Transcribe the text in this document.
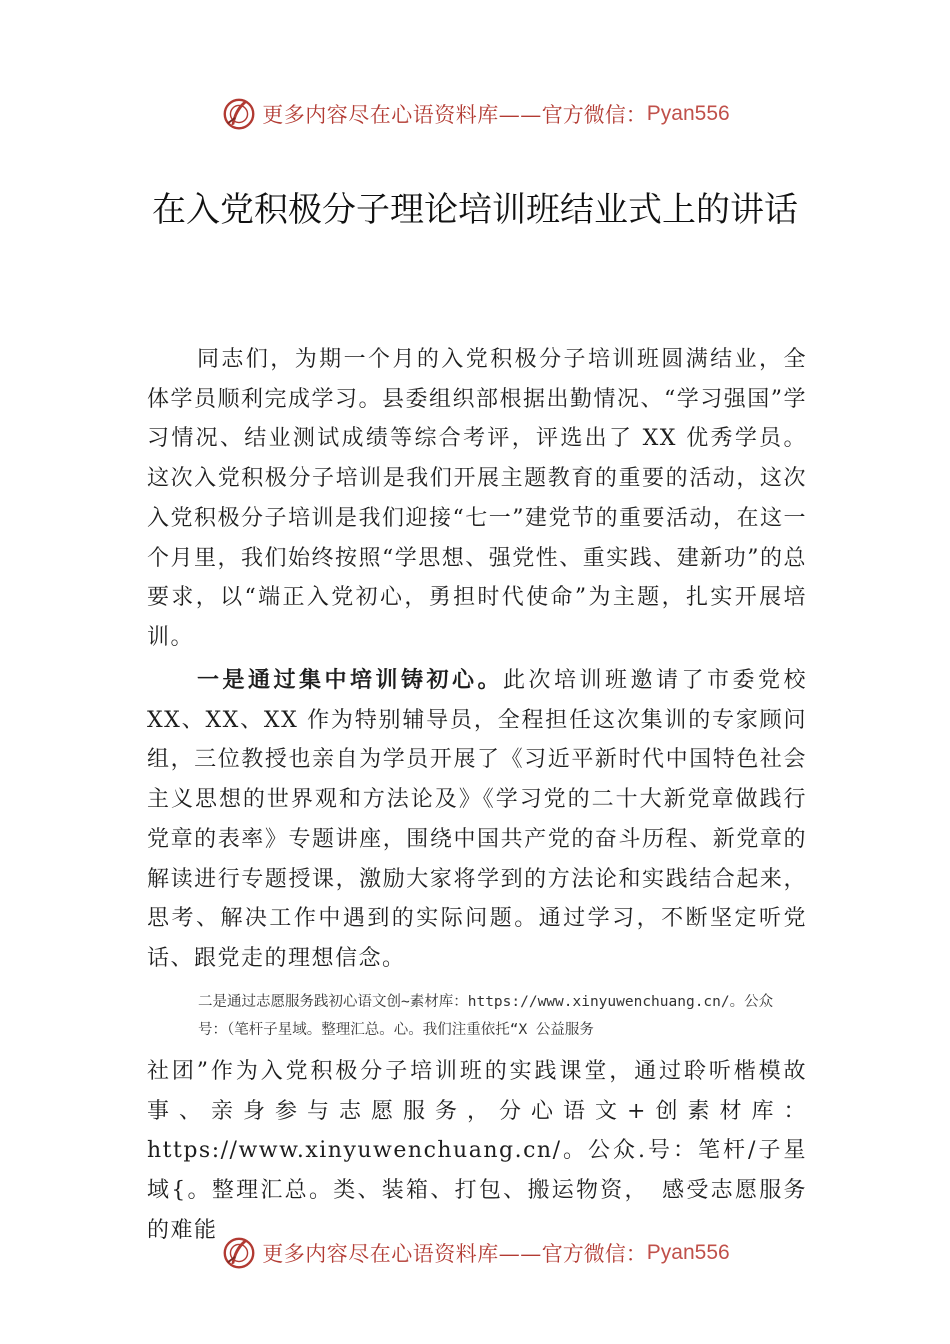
更多内容尽在心语资料库—— 官方微信： Pyan556
在入党积极分子理论培训班结业式上的讲话
同志们，为期一个月的入党积极分子培训班圆满结业，全体学员顺利完成学习。县委组织部根据出勤情况、“学习强国”学习情况、结业测试成绩等综合考评，评选出了 XX 优秀学员。这次入党积极分子培训是我们开展主题教育的重要的活动，这次入党积极分子培训是我们迎接“七一”建党节的重要活动，在这一个月里，我们始终按照“学思想、强党性、重实践、建新功”的总要求，以“端正入党初心，勇担时代使命”为主题，扎实开展培训。
一是通过集中培训铸初心。此次培训班邀请了市委党校 XX、XX、XX 作为特别辅导员，全程担任这次集训的专家顾问组，三位教授也亲自为学员开展了《习近平新时代中国特色社会主义思想的世界观和方法论及》《学习党的二十大新党章做践行党章的表率》专题讲座，围绕中国共产党的奋斗历程、新党章的解读进行专题授课，激励大家将学到的方法论和实践结合起来，思考、解决工作中遇到的实际问题。通过学习，不断坚定听党话、跟党走的理想信念。
二是通过志愿服务践初心语文创~素材库：https://www.xinyuwenchuang.cn/。公众
号：（笔杆子星域。整理汇总。心。我们注重依托“X 公益服务
社团”作为入党积极分子培训班的实践课堂，通过聆听楷模故事、亲身参与志愿服务，分心语文+创素材库：https://www.xinyuwenchuang.cn/。公众.号：笔杆/子星域{。整理汇总。类、装箱、打包、搬运物资，　感受志愿服务的难能
更多内容尽在心语资料库—— 官方微信： Pyan556
